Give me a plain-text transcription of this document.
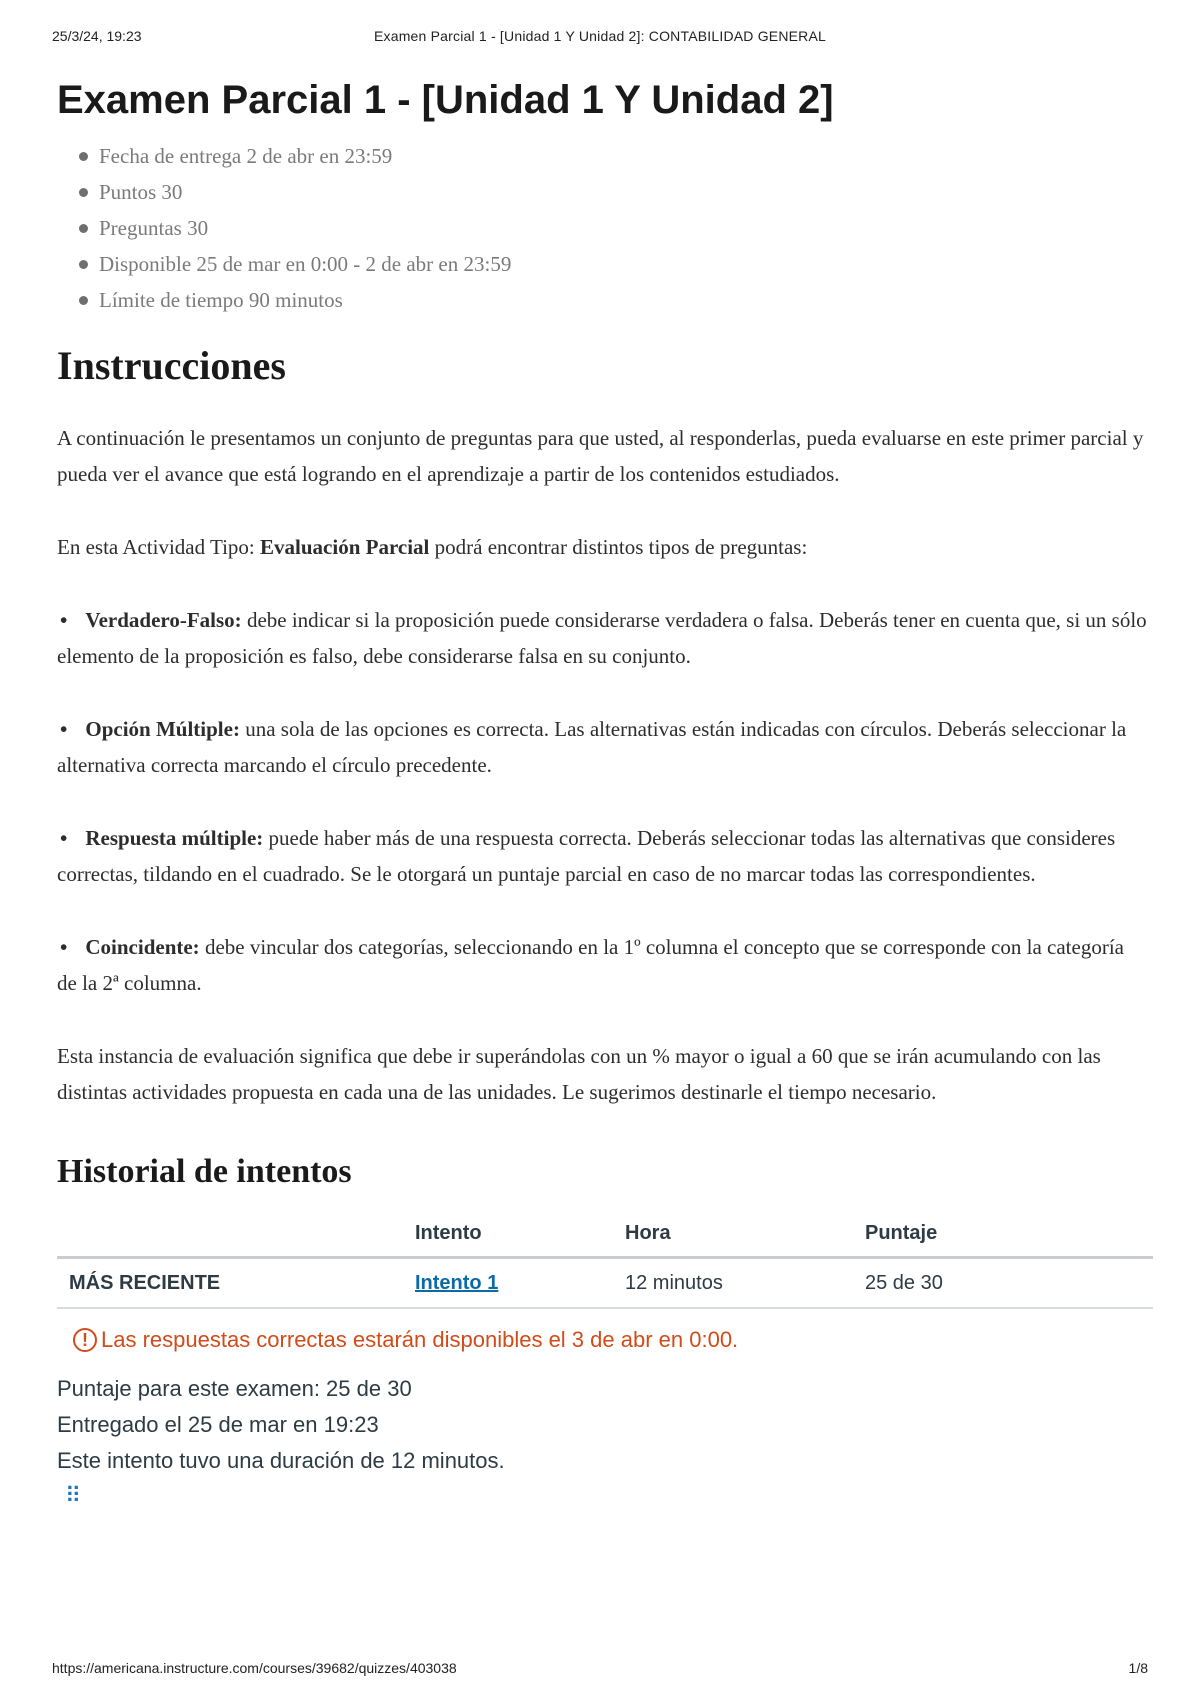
25/3/24, 19:23	Examen Parcial 1 - [Unidad 1 Y Unidad 2]: CONTABILIDAD GENERAL
Examen Parcial 1 - [Unidad 1 Y Unidad 2]
Fecha de entrega 2 de abr en 23:59
Puntos 30
Preguntas 30
Disponible 25 de mar en 0:00 - 2 de abr en 23:59
Límite de tiempo 90 minutos
Instrucciones

A continuación le presentamos un conjunto de preguntas para que usted, al responderlas, pueda evaluarse en este primer parcial y pueda ver el avance que está logrando en el aprendizaje a partir de los contenidos estudiados.

En esta Actividad Tipo: Evaluación Parcial podrá encontrar distintos tipos de preguntas:

• Verdadero-Falso: debe indicar si la proposición puede considerarse verdadera o falsa. Deberás tener en cuenta que, si un sólo elemento de la proposición es falso, debe considerarse falsa en su conjunto.

• Opción Múltiple: una sola de las opciones es correcta. Las alternativas están indicadas con círculos. Deberás seleccionar la alternativa correcta marcando el círculo precedente.

• Respuesta múltiple: puede haber más de una respuesta correcta. Deberás seleccionar todas las alternativas que consideres correctas, tildando en el cuadrado. Se le otorgará un puntaje parcial en caso de no marcar todas las correspondientes.

• Coincidente: debe vincular dos categorías, seleccionando en la 1º columna el concepto que se corresponde con la categoría de la 2ª columna.

Esta instancia de evaluación significa que debe ir superándolas con un % mayor o igual a 60 que se irán acumulando con las distintas actividades propuesta en cada una de las unidades. Le sugerimos destinarle el tiempo necesario.

Historial de intentos
	Intento	Hora	Puntaje
MÁS RECIENTE	Intento 1	12 minutos	25 de 30
! Las respuestas correctas estarán disponibles el 3 de abr en 0:00.
Puntaje para este examen: 25 de 30
Entregado el 25 de mar en 19:23
Este intento tuvo una duración de 12 minutos.
⠿
https://americana.instructure.com/courses/39682/quizzes/403038	1/8
